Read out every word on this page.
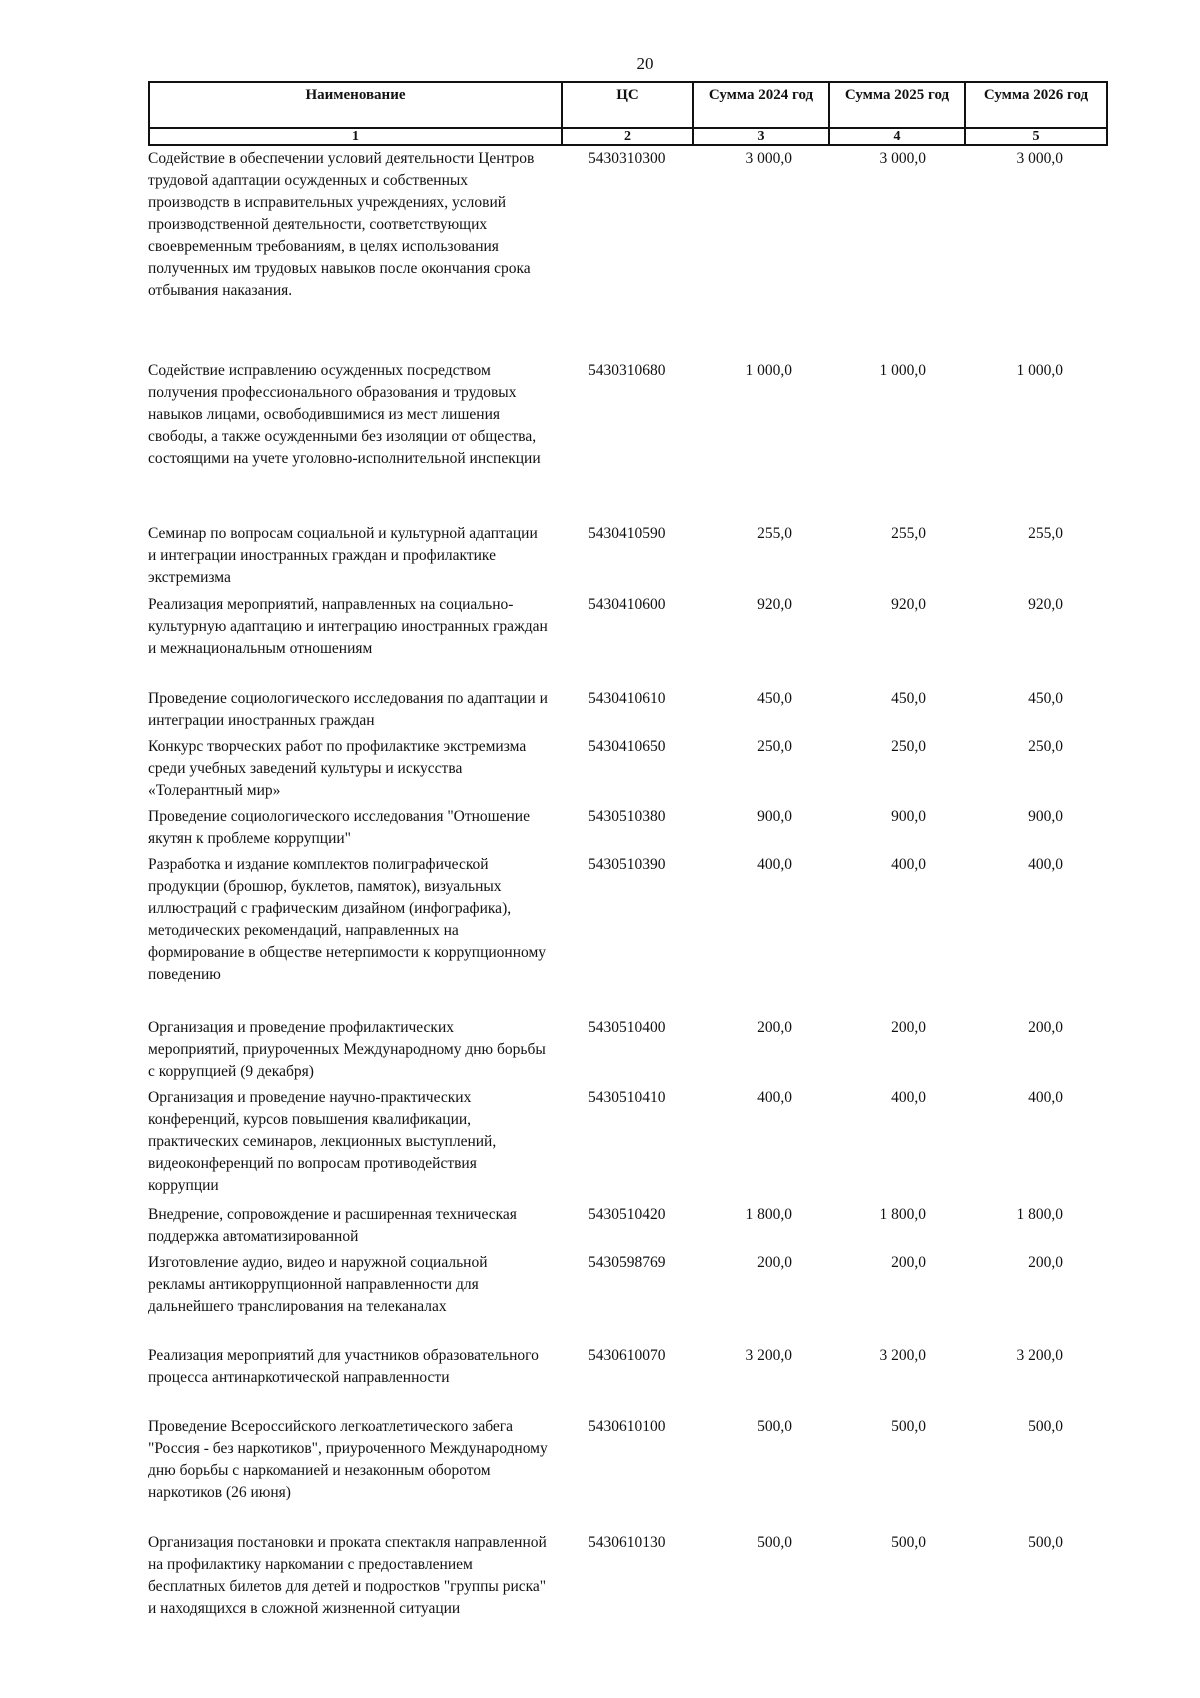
20
Наименование	ЦС	Сумма 2024 год	Сумма 2025 год	Сумма 2026 год
1	2	3	4	5
Содействие в обеспечении условий деятельности Центров трудовой адаптации осужденных и собственных производств в исправительных учреждениях, условий производственной деятельности, соответствующих своевременным требованиям, в целях использования полученных им трудовых навыков после окончания срока отбывания наказания.
5430310300	3 000,0	3 000,0	3 000,0
Содействие исправлению осужденных посредством получения профессионального образования и трудовых навыков лицами, освободившимися из мест лишения свободы, а также осужденными без изоляции от общества, состоящими на учете уголовно-исполнительной инспекции
5430310680	1 000,0	1 000,0	1 000,0
Семинар по вопросам социальной и культурной адаптации и интеграции иностранных граждан и профилактике экстремизма
5430410590	255,0	255,0	255,0
Реализация мероприятий, направленных на социально-культурную адаптацию и интеграцию иностранных граждан и межнациональным отношениям
5430410600	920,0	920,0	920,0
Проведение социологического исследования по адаптации и интеграции иностранных граждан
5430410610	450,0	450,0	450,0
Конкурс творческих работ по профилактике экстремизма среди учебных заведений культуры и искусства «Толерантный мир»
5430410650	250,0	250,0	250,0
Проведение социологического исследования "Отношение якутян к проблеме коррупции"
5430510380	900,0	900,0	900,0
Разработка и издание комплектов полиграфической продукции (брошюр, буклетов, памяток), визуальных иллюстраций с графическим дизайном (инфографика), методических рекомендаций, направленных на формирование в обществе нетерпимости к коррупционному поведению
5430510390	400,0	400,0	400,0
Организация и проведение профилактических мероприятий, приуроченных Международному дню борьбы с коррупцией (9 декабря)
5430510400	200,0	200,0	200,0
Организация и проведение научно-практических конференций, курсов повышения квалификации, практических семинаров, лекционных выступлений, видеоконференций по вопросам противодействия коррупции
5430510410	400,0	400,0	400,0
Внедрение, сопровождение и расширенная техническая поддержка автоматизированной
5430510420	1 800,0	1 800,0	1 800,0
Изготовление аудио, видео и наружной социальной рекламы антикоррупционной направленности для дальнейшего транслирования на телеканалах
5430598769	200,0	200,0	200,0
Реализация мероприятий для участников образовательного процесса антинаркотической направленности
5430610070	3 200,0	3 200,0	3 200,0
Проведение Всероссийского легкоатлетического забега "Россия - без наркотиков", приуроченного Международному дню борьбы с наркоманией и незаконным оборотом наркотиков (26 июня)
5430610100	500,0	500,0	500,0
Организация постановки и проката спектакля направленной на профилактику наркомании с предоставлением бесплатных билетов для детей и подростков "группы риска" и находящихся в сложной жизненной ситуации
5430610130	500,0	500,0	500,0
